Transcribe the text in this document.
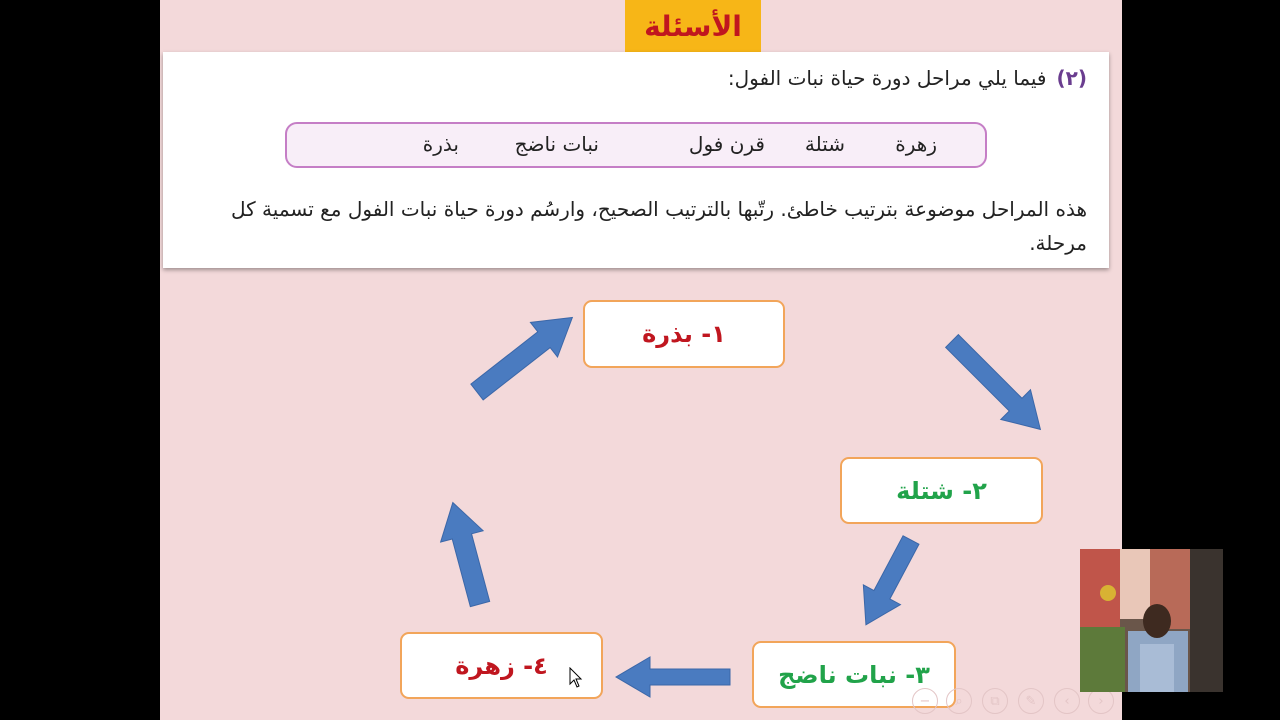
الأسئلة
(٢)فيما يلي مراحل دورة حياة نبات الفول:
زهرة
شتلة
قرن فول
نبات ناضج
بذرة
هذه المراحل موضوعة بترتيب خاطئ. رتّبها بالترتيب الصحيح، وارسُم دورة حياة نبات الفول مع تسمية كل مرحلة.
١- بذرة
٢- شتلة
٣- نبات ناضج
٤- زهرة
−	⌕	⧉	✎	‹	›
